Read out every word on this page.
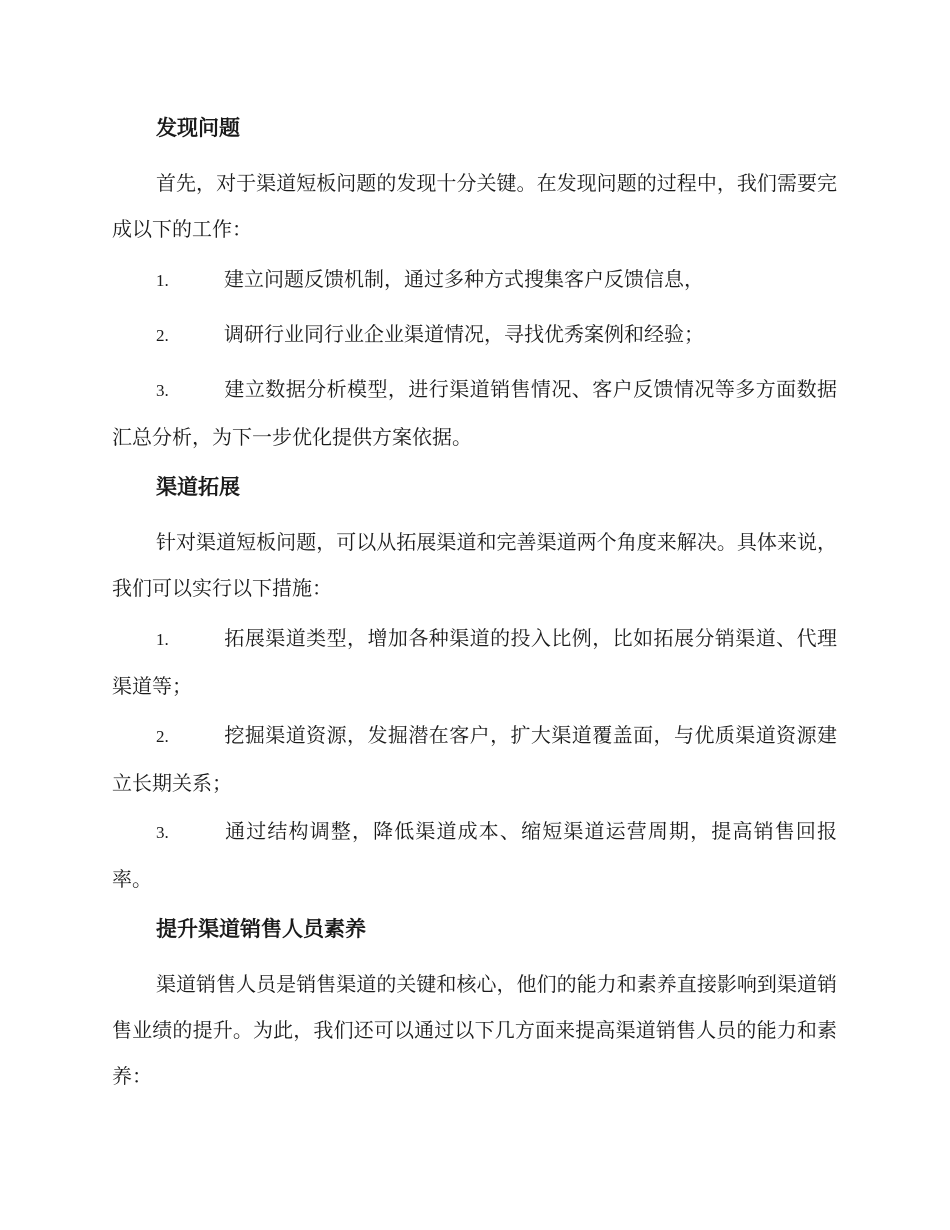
发现问题
首先，对于渠道短板问题的发现十分关键。在发现问题的过程中，我们需要完成以下的工作：
1.	建立问题反馈机制，通过多种方式搜集客户反馈信息，
2.	调研行业同行业企业渠道情况，寻找优秀案例和经验；
3.	建立数据分析模型，进行渠道销售情况、客户反馈情况等多方面数据汇总分析，为下一步优化提供方案依据。
渠道拓展
针对渠道短板问题，可以从拓展渠道和完善渠道两个角度来解决。具体来说，我们可以实行以下措施：
1.	拓展渠道类型，增加各种渠道的投入比例，比如拓展分销渠道、代理渠道等；
2.	挖掘渠道资源，发掘潜在客户，扩大渠道覆盖面，与优质渠道资源建立长期关系；
3.	通过结构调整，降低渠道成本、缩短渠道运营周期，提高销售回报率。
提升渠道销售人员素养
渠道销售人员是销售渠道的关键和核心，他们的能力和素养直接影响到渠道销售业绩的提升。为此，我们还可以通过以下几方面来提高渠道销售人员的能力和素养：
